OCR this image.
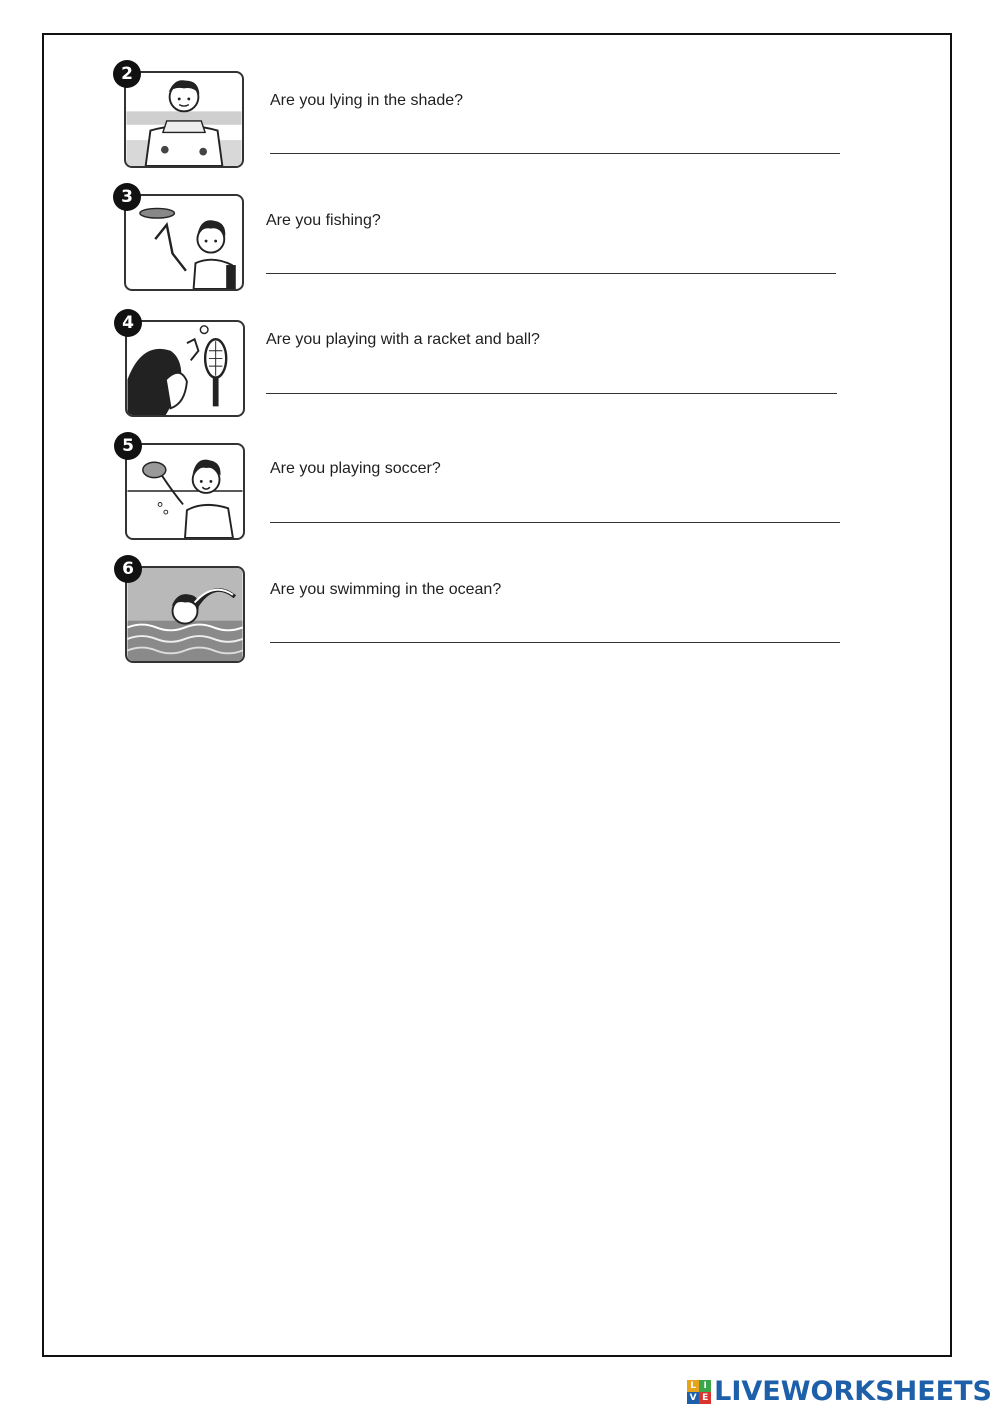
2
Are you lying in the shade?
3
Are you fishing?
4
Are you playing with a racket and ball?
5
Are you playing soccer?
6
Are you swimming in the ocean?
L I
V E LIVEWORKSHEETS
